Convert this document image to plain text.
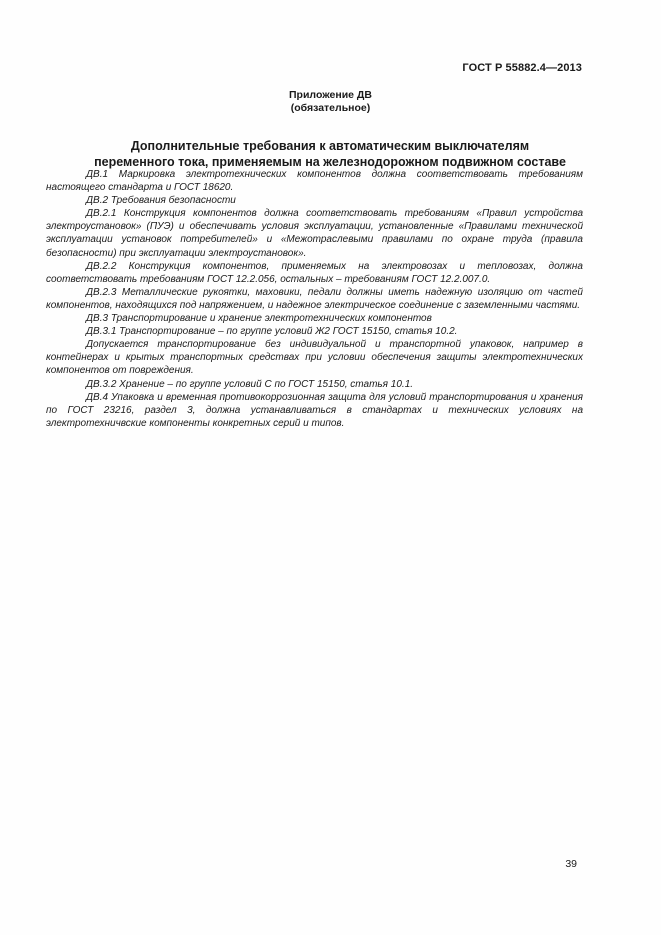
ГОСТ Р 55882.4—2013
Приложение ДВ
(обязательное)
Дополнительные требования к автоматическим выключателям
переменного тока, применяемым на железнодорожном подвижном составе

ДВ.1 Маркировка электротехнических компонентов должна соответствовать требованиям настоящего стандарта и ГОСТ 18620.

ДВ.2 Требования безопасности

ДВ.2.1 Конструкция компонентов должна соответствовать требованиям «Правил устройства электроустановок» (ПУЭ) и обеспечивать условия эксплуатации, установленные «Правилами технической эксплуатации установок потребителей» и «Межотраслевыми правилами по охране труда (правила безопасности) при эксплуатации электроустановок».

ДВ.2.2 Конструкция компонентов, применяемых на электровозах и тепловозах, должна соответствовать требованиям ГОСТ 12.2.056, остальных – требованиям ГОСТ 12.2.007.0.

ДВ.2.3 Металлические рукоятки, маховики, педали должны иметь надежную изоляцию от частей компонентов, находящихся под напряжением, и надежное электрическое соединение с заземленными частями.

ДВ.3 Транспортирование и хранение электротехнических компонентов

ДВ.3.1 Транспортирование – по группе условий Ж2 ГОСТ 15150, статья 10.2.

Допускается транспортирование без индивидуальной и транспортной упаковок, например в контейнерах и крытых транспортных средствах при условии обеспечения защиты электротехнических компонентов от повреждения.

ДВ.3.2 Хранение – по группе условий С по ГОСТ 15150, статья 10.1.

ДВ.4 Упаковка и временная противокоррозионная защита для условий транспортирования и хранения по ГОСТ 23216, раздел 3, должна устанавливаться в стандартах и технических условиях на электротехничвские компоненты конкретных серий и типов.

39
